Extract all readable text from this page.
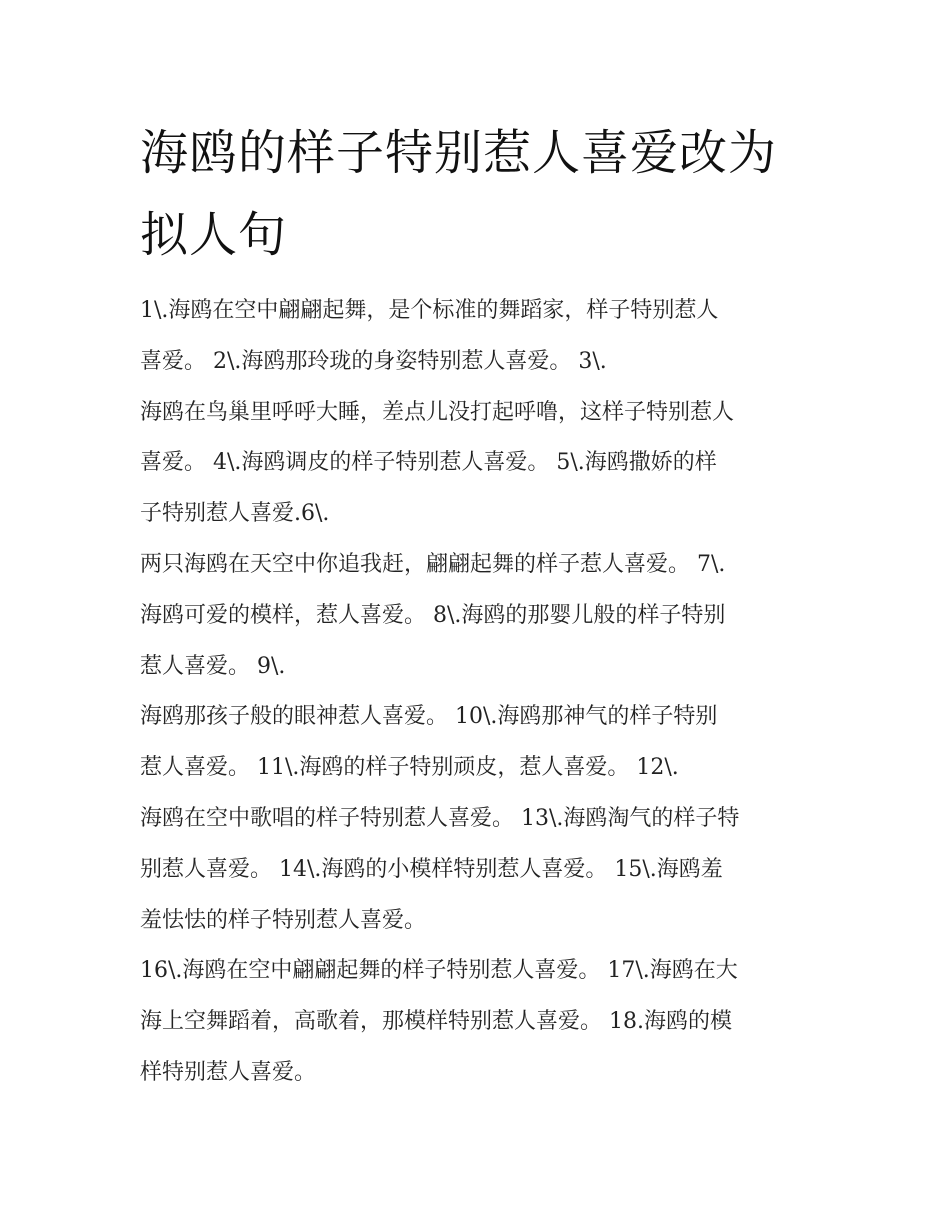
海鸥的样子特别惹人喜爱改为
拟人句
1\.海鸥在空中翩翩起舞，是个标准的舞蹈家，样子特别惹人
喜爱。 2\.海鸥那玲珑的身姿特别惹人喜爱。 3\.
海鸥在鸟巢里呼呼大睡，差点儿没打起呼噜，这样子特别惹人
喜爱。 4\.海鸥调皮的样子特别惹人喜爱。 5\.海鸥撒娇的样
子特别惹人喜爱.6\.
两只海鸥在天空中你追我赶，翩翩起舞的样子惹人喜爱。 7\.
海鸥可爱的模样，惹人喜爱。 8\.海鸥的那婴儿般的样子特别
惹人喜爱。 9\.
海鸥那孩子般的眼神惹人喜爱。 10\.海鸥那神气的样子特别
惹人喜爱。 11\.海鸥的样子特别顽皮，惹人喜爱。 12\.
海鸥在空中歌唱的样子特别惹人喜爱。 13\.海鸥淘气的样子特
别惹人喜爱。 14\.海鸥的小模样特别惹人喜爱。 15\.海鸥羞
羞怯怯的样子特别惹人喜爱。
16\.海鸥在空中翩翩起舞的样子特别惹人喜爱。 17\.海鸥在大
海上空舞蹈着，高歌着，那模样特别惹人喜爱。 18.海鸥的模
样特别惹人喜爱。
